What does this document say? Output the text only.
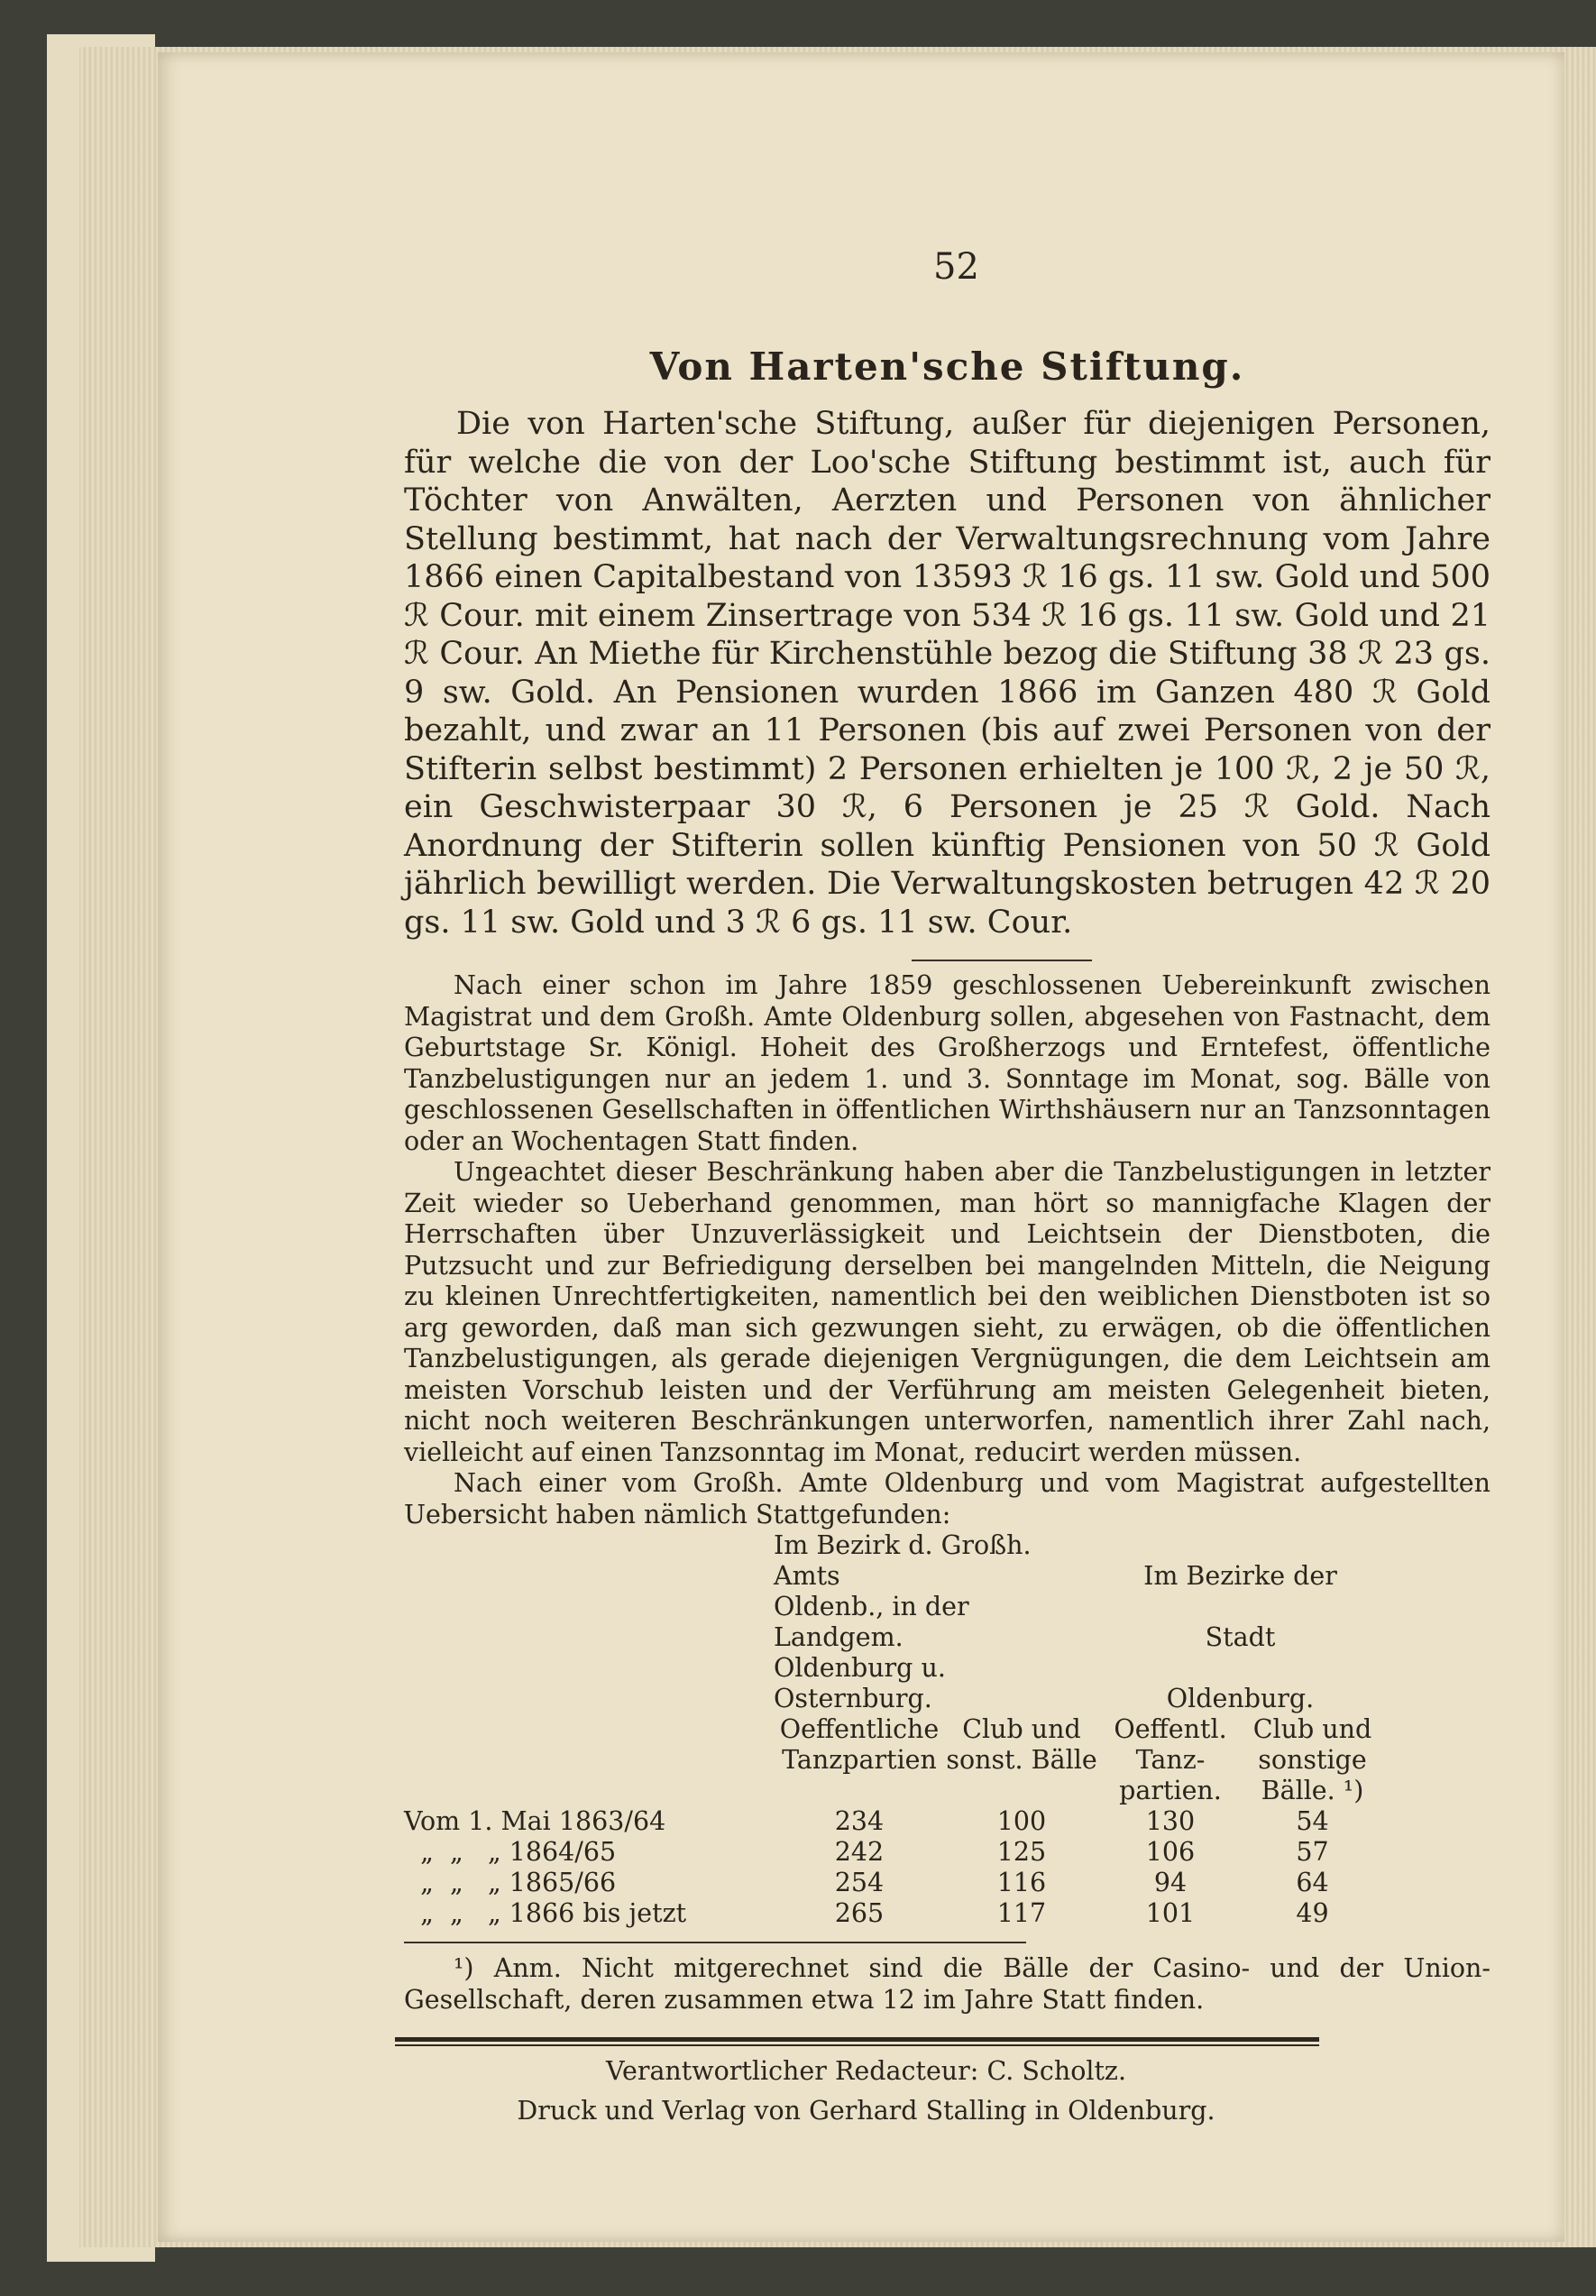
52

Von Harten'sche Stiftung.

Die von Harten'sche Stiftung, außer für diejenigen Personen, für welche die von der Loo'sche Stiftung bestimmt ist, auch für Töchter von Anwälten, Aerzten und Personen von ähnlicher Stellung bestimmt, hat nach der Verwaltungsrechnung vom Jahre 1866 einen Capitalbestand von 13593 ℛ 16 gs. 11 sw. Gold und 500 ℛ Cour. mit einem Zinsertrage von 534 ℛ 16 gs. 11 sw. Gold und 21 ℛ Cour. An Miethe für Kirchenstühle bezog die Stiftung 38 ℛ 23 gs. 9 sw. Gold. An Pensionen wurden 1866 im Ganzen 480 ℛ Gold bezahlt, und zwar an 11 Personen (bis auf zwei Personen von der Stifterin selbst bestimmt) 2 Personen erhielten je 100 ℛ, 2 je 50 ℛ, ein Geschwisterpaar 30 ℛ, 6 Personen je 25 ℛ Gold. Nach Anordnung der Stifterin sollen künftig Pensionen von 50 ℛ Gold jährlich bewilligt werden. Die Verwaltungskosten betrugen 42 ℛ 20 gs. 11 sw. Gold und 3 ℛ 6 gs. 11 sw. Cour.

Nach einer schon im Jahre 1859 geschlossenen Uebereinkunft zwischen Magistrat und dem Großh. Amte Oldenburg sollen, abgesehen von Fastnacht, dem Geburtstage Sr. Königl. Hoheit des Großherzogs und Erntefest, öffentliche Tanzbelustigungen nur an jedem 1. und 3. Sonntage im Monat, sog. Bälle von geschlossenen Gesellschaften in öffentlichen Wirthshäusern nur an Tanzsonntagen oder an Wochentagen Statt finden.

Ungeachtet dieser Beschränkung haben aber die Tanzbelustigungen in letzter Zeit wieder so Ueberhand genommen, man hört so mannigfache Klagen der Herrschaften über Unzuverlässigkeit und Leichtsein der Dienstboten, die Putzsucht und zur Befriedigung derselben bei mangelnden Mitteln, die Neigung zu kleinen Unrechtfertigkeiten, namentlich bei den weiblichen Dienstboten ist so arg geworden, daß man sich gezwungen sieht, zu erwägen, ob die öffentlichen Tanzbelustigungen, als gerade diejenigen Vergnügungen, die dem Leichtsein am meisten Vorschub leisten und der Verführung am meisten Gelegenheit bieten, nicht noch weiteren Beschränkungen unterworfen, namentlich ihrer Zahl nach, vielleicht auf einen Tanzsonntag im Monat, reducirt werden müssen.

Nach einer vom Großh. Amte Oldenburg und vom Magistrat aufgestellten Uebersicht haben nämlich Stattgefunden:

	Im Bezirk d. Großh. Amts		Im Bezirke der	
	Oldenb., in der Landgem.		Stadt	
	Oldenburg u. Osternburg.		Oldenburg.	
	Oeffentliche	Club und	Oeffentl.	Club und
	Tanzpartien	sonst. Bälle	Tanz-	sonstige
			partien.	Bälle. ¹)
Vom 1. Mai 1863/64	234	100	130	54
„  „   „ 1864/65	242	125	106	57
„  „   „ 1865/66	254	116	94	64
„  „   „ 1866 bis jetzt	265	117	101	49

¹) Anm. Nicht mitgerechnet sind die Bälle der Casino- und der Union-Gesellschaft, deren zusammen etwa 12 im Jahre Statt finden.

Verantwortlicher Redacteur: C. Scholtz.

Druck und Verlag von Gerhard Stalling in Oldenburg.
